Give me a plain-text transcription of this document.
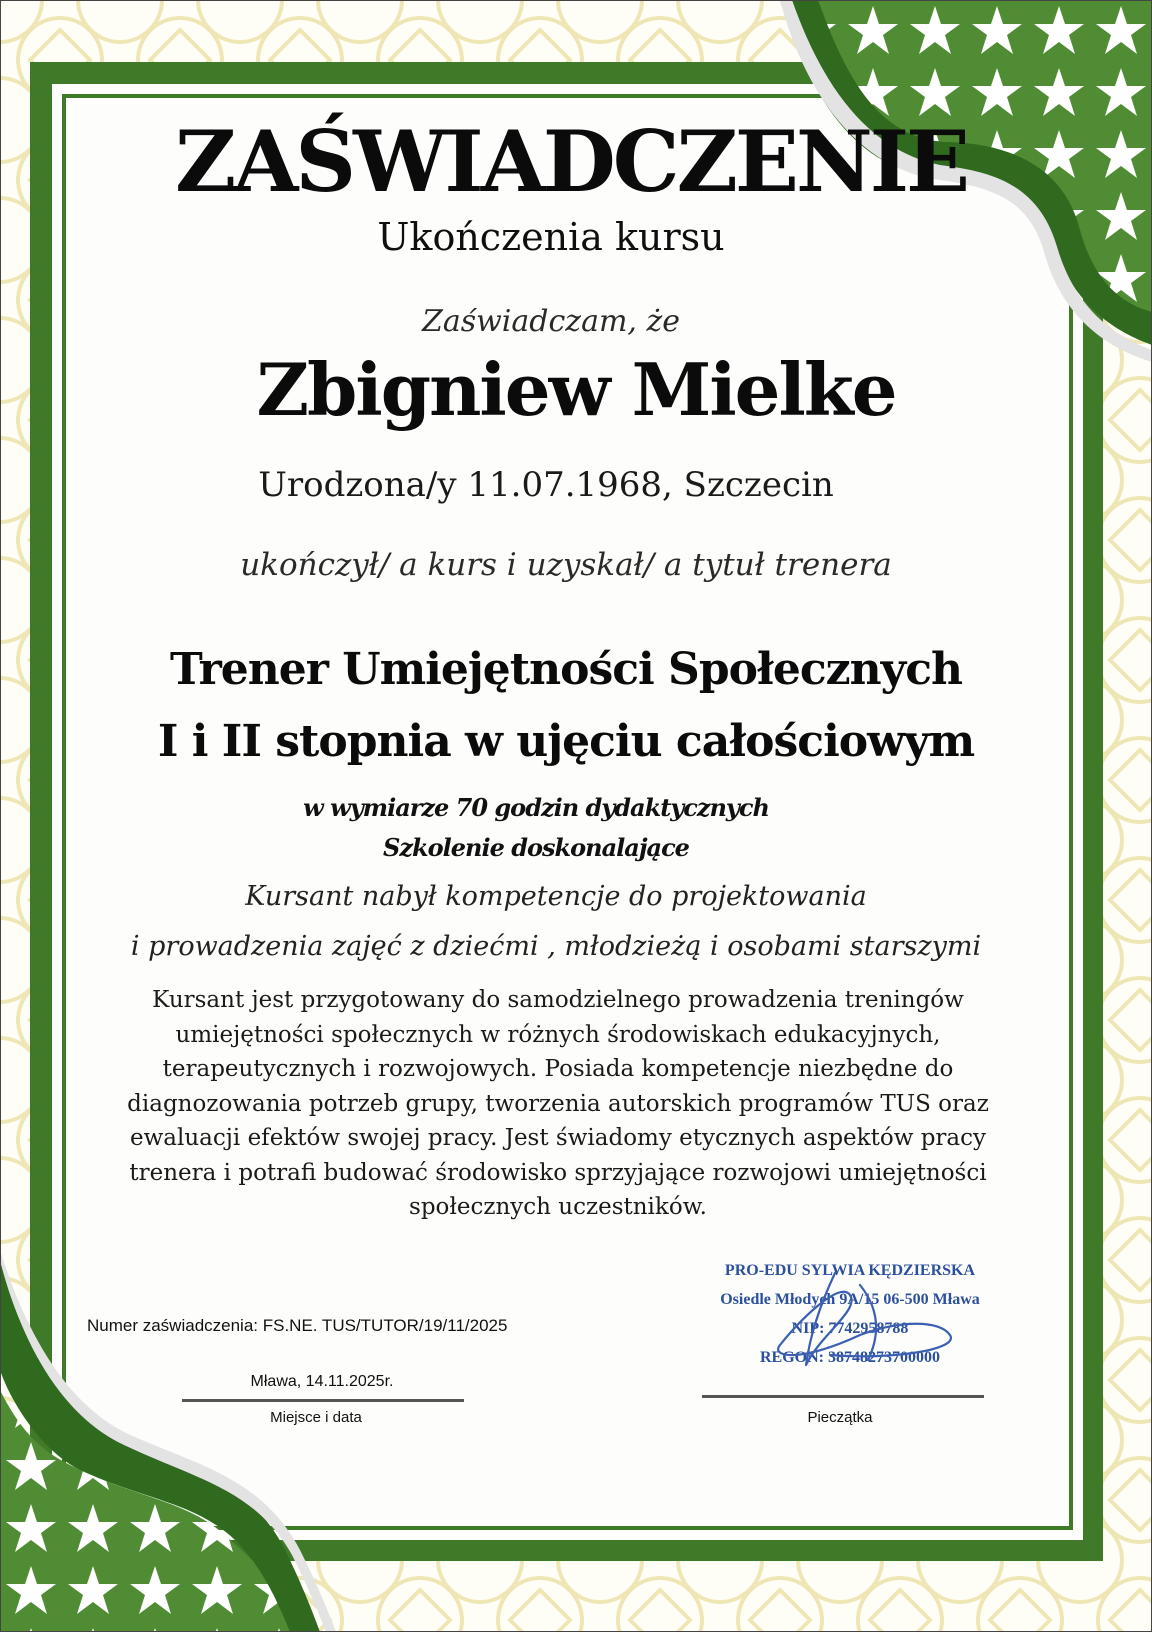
ZAŚWIADCZENIE
Ukończenia kursu
Zaświadczam, że
Zbigniew Mielke
Urodzona/y 11.07.1968, Szczecin
ukończył/ a kurs i uzyskał/ a tytuł trenera
Trener Umiejętności Społecznych
I i II stopnia w ujęciu całościowym
w wymiarze 70 godzin dydaktycznych
Szkolenie doskonalające
Kursant nabył kompetencje do projektowania
i prowadzenia zajęć z dziećmi , młodzieżą i osobami starszymi

Kursant jest przygotowany do samodzielnego prowadzenia treningów umiejętności społecznych w różnych środowiskach edukacyjnych, terapeutycznych i rozwojowych. Posiada kompetencje niezbędne do diagnozowania potrzeb grupy, tworzenia autorskich programów TUS oraz ewaluacji efektów swojej pracy. Jest świadomy etycznych aspektów pracy trenera i potrafi budować środowisko sprzyjające rozwojowi umiejętności społecznych uczestników.

Numer zaświadczenia: FS.NE. TUS/TUTOR/19/11/2025
Mława, 14.11.2025r.
Miejsce i data
PRO-EDU SYLWIA KĘDZIERSKA
Osiedle Młodych 9A/15 06-500 Mława
NIP: 7742958788
REGON: 38748273700000
Pieczątka
